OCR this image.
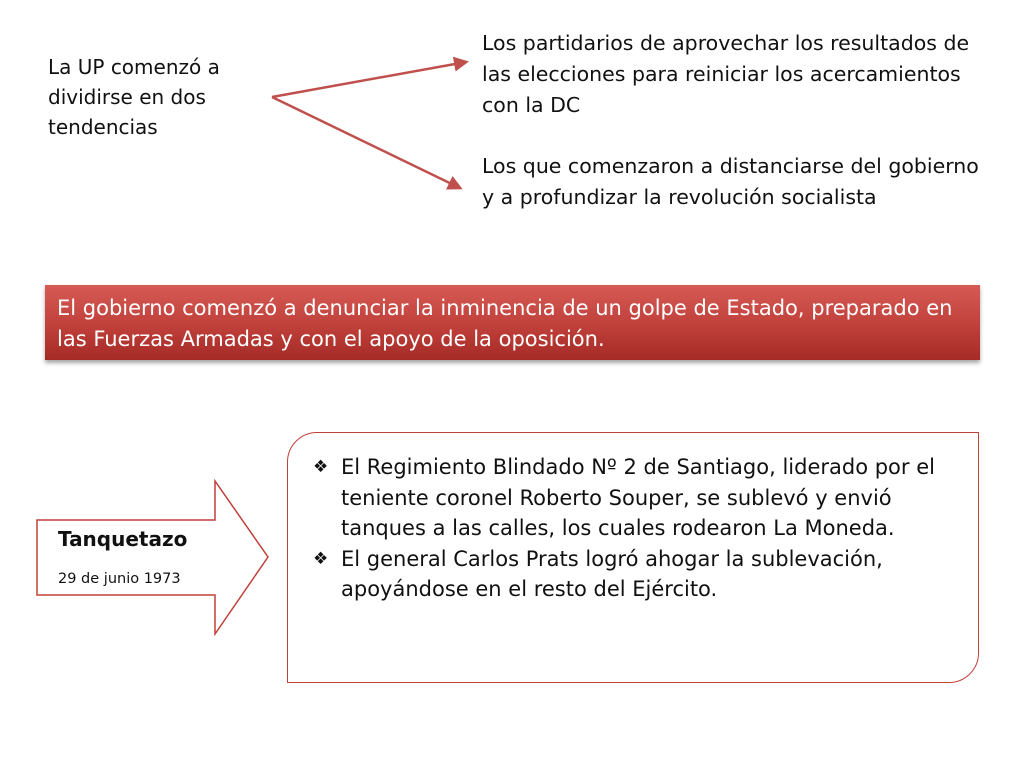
La UP comenzó a dividirse en dos tendencias

Los partidarios de aprovechar los resultados de las elecciones para reiniciar los acercamientos con la DC

Los que comenzaron a distanciarse del gobierno y a profundizar la revolución socialista

El gobierno comenzó a denunciar la inminencia de un golpe de Estado, preparado en las Fuerzas Armadas y con el apoyo de la oposición.

Tanquetazo

29 de junio 1973

❖ El Regimiento Blindado Nº 2 de Santiago, liderado por el teniente coronel Roberto Souper, se sublevó y envió tanques a las calles, los cuales rodearon La Moneda.
❖ El general Carlos Prats logró ahogar la sublevación, apoyándose en el resto del Ejército.
